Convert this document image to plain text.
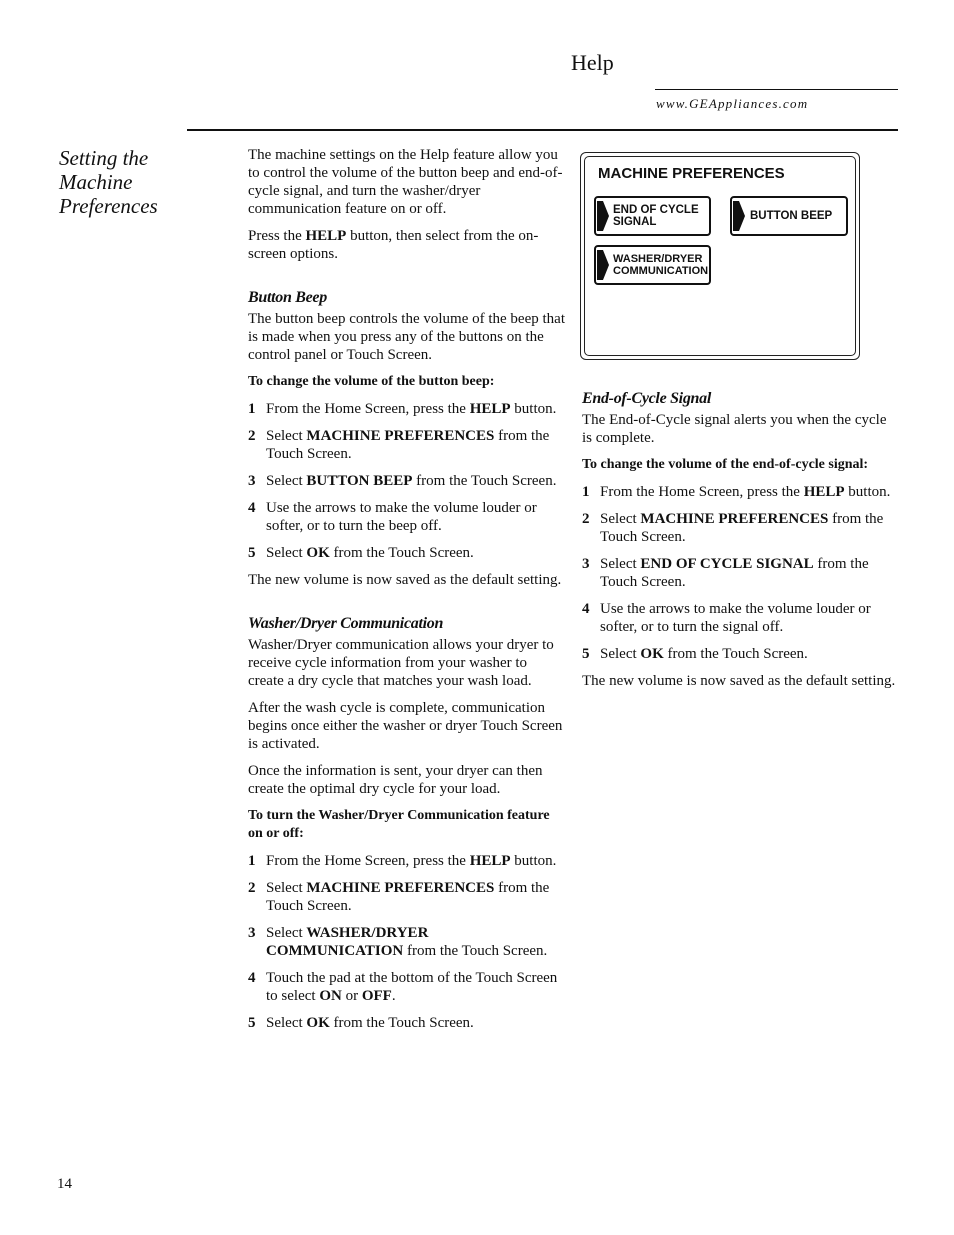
Help
www.GEAppliances.com
Setting the Machine Preferences

The machine settings on the Help feature allow you to control the volume of the button beep and end-of-cycle signal, and turn the washer/dryer communication feature on or off.

Press the HELP button, then select from the on-screen options.

Button Beep

The button beep controls the volume of the beep that is made when you press any of the buttons on the control panel or Touch Screen.

To change the volume of the button beep:

1 From the Home Screen, press the HELP button.
2 Select MACHINE PREFERENCES from the Touch Screen.
3 Select BUTTON BEEP from the Touch Screen.
4 Use the arrows to make the volume louder or softer, or to turn the beep off.
5 Select OK from the Touch Screen.

The new volume is now saved as the default setting.

Washer/Dryer Communication

Washer/Dryer communication allows your dryer to receive cycle information from your washer to create a dry cycle that matches your wash load.

After the wash cycle is complete, communication begins once either the washer or dryer Touch Screen is activated.

Once the information is sent, your dryer can then create the optimal dry cycle for your load.

To turn the Washer/Dryer Communication feature on or off:

1 From the Home Screen, press the HELP button.
2 Select MACHINE PREFERENCES from the Touch Screen.
3 Select WASHER/DRYER COMMUNICATION from the Touch Screen.
4 Touch the pad at the bottom of the Touch Screen to select ON or OFF.
5 Select OK from the Touch Screen.
MACHINE PREFERENCES
END OF CYCLE SIGNAL	BUTTON BEEP
WASHER/DRYER COMMUNICATION
End-of-Cycle Signal

The End-of-Cycle signal alerts you when the cycle is complete.

To change the volume of the end-of-cycle signal:

1 From the Home Screen, press the HELP button.
2 Select MACHINE PREFERENCES from the Touch Screen.
3 Select END OF CYCLE SIGNAL from the Touch Screen.
4 Use the arrows to make the volume louder or softer, or to turn the signal off.
5 Select OK from the Touch Screen.

The new volume is now saved as the default setting.

14
